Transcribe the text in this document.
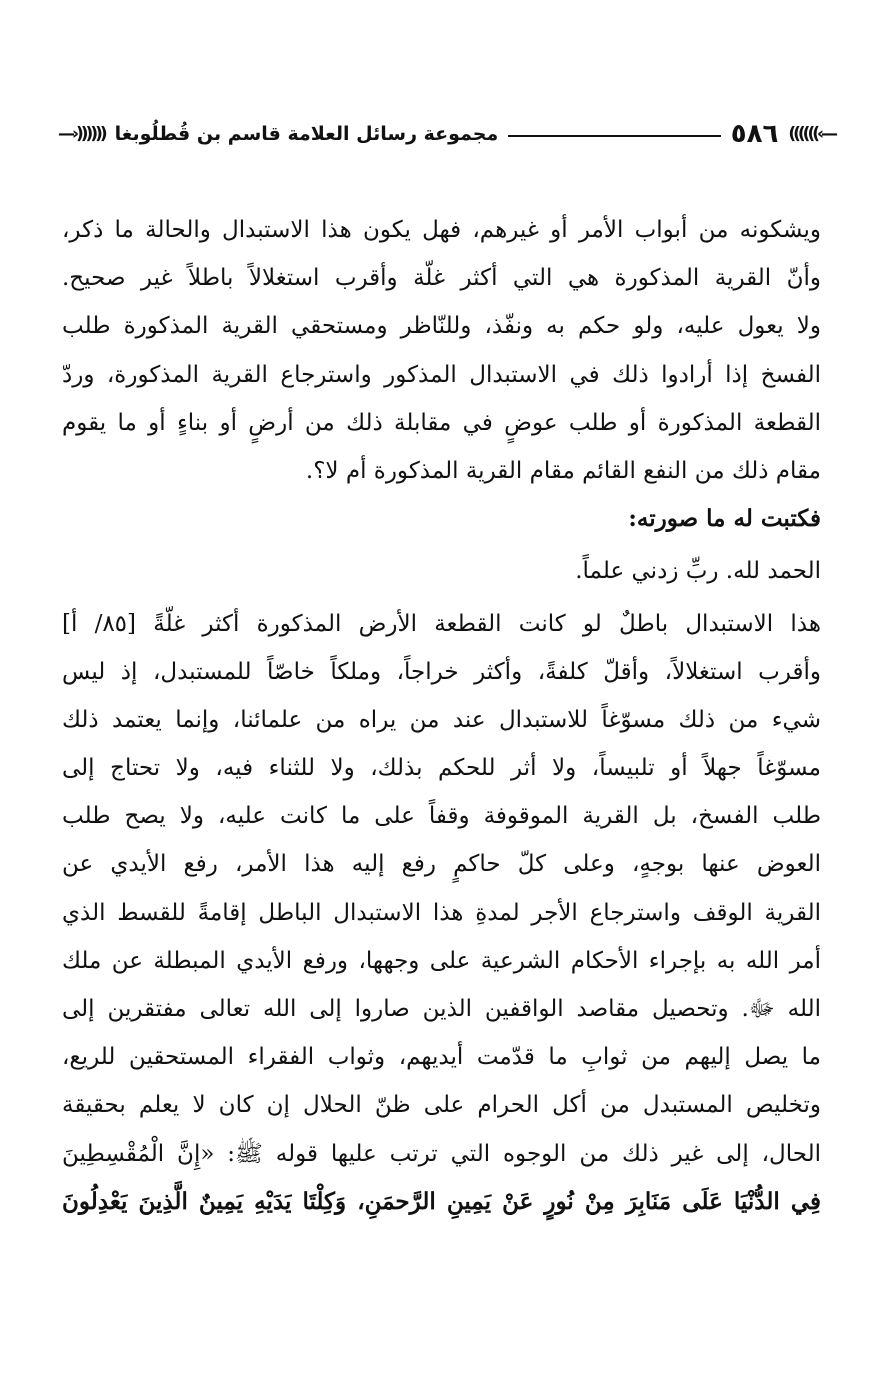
—›)))))) مجموعة رسائل العلامة قاسم بن قُطلُوبغا	٥٨٦ ((((((‹—
ويشكونه من أبواب الأمر أو غيرهم، فهل يكون هذا الاستبدال والحالة ما ذكر،
وأنّ القرية المذكورة هي التي أكثر غلّة وأقرب استغلالاً باطلاً غير صحيح.
ولا يعول عليه، ولو حكم به ونفّذ، وللنّاظر ومستحقي القرية المذكورة طلب
الفسخ إذا أرادوا ذلك في الاستبدال المذكور واسترجاع القرية المذكورة، وردّ
القطعة المذكورة أو طلب عوضٍ في مقابلة ذلك من أرضٍ أو بناءٍ أو ما يقوم
مقام ذلك من النفع القائم مقام القرية المذكورة أم لا؟.
فكتبت له ما صورته:
الحمد لله. ربِّ زدني علماً.
هذا الاستبدال باطلٌ لو كانت القطعة الأرض المذكورة أكثر غلّةً [٨٥/ أ]
وأقرب استغلالاً، وأقلّ كلفةً، وأكثر خراجاً، وملكاً خاصّاً للمستبدل، إذ ليس
شيء من ذلك مسوّغاً للاستبدال عند من يراه من علمائنا، وإنما يعتمد ذلك
مسوّغاً جهلاً أو تلبيساً، ولا أثر للحكم بذلك، ولا للثناء فيه، ولا تحتاج إلى
طلب الفسخ، بل القرية الموقوفة وقفاً على ما كانت عليه، ولا يصح طلب
العوض عنها بوجهٍ، وعلى كلّ حاكمٍ رفع إليه هذا الأمر، رفع الأيدي عن
القرية الوقف واسترجاع الأجر لمدةِ هذا الاستبدال الباطل إقامةً للقسط الذي
أمر الله به بإجراء الأحكام الشرعية على وجهها، ورفع الأيدي المبطلة عن ملك
الله ﷻ. وتحصيل مقاصد الواقفين الذين صاروا إلى الله تعالى مفتقرين إلى
ما يصل إليهم من ثوابِ ما قدّمت أيديهم، وثواب الفقراء المستحقين للريع،
وتخليص المستبدل من أكل الحرام على ظنّ الحلال إن كان لا يعلم بحقيقة
الحال، إلى غير ذلك من الوجوه التي ترتب عليها قوله ﷺ: «إِنَّ الْمُقْسِطِينَ
فِي الدُّنْيَا عَلَى مَنَابِرَ مِنْ نُورٍ عَنْ يَمِينِ الرَّحمَنِ، وَكِلْتَا يَدَيْهِ يَمِينٌ الَّذِينَ يَعْدِلُونَ
